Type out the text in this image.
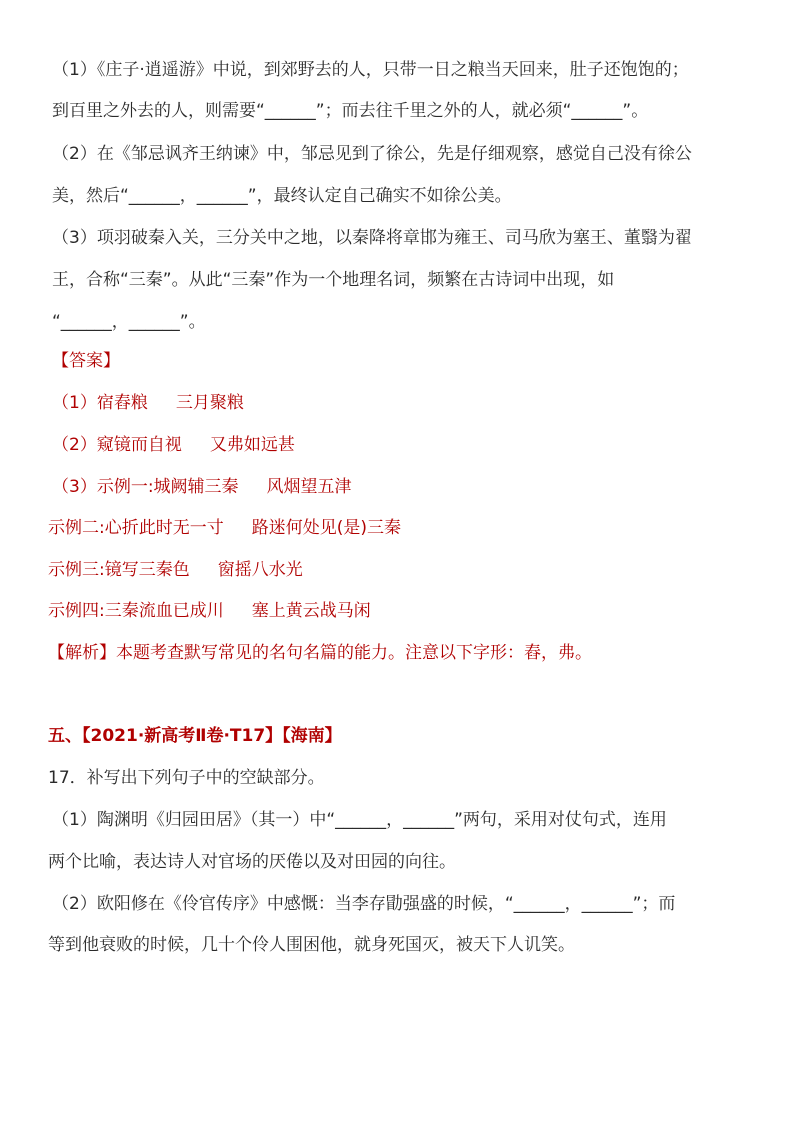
（1）《庄子·逍遥游》中说，到郊野去的人，只带一日之粮当天回来，肚子还饱饱的；
到百里之外去的人，则需要“______”；而去往千里之外的人，就必须“______”。
（2）在《邹忌讽齐王纳谏》中，邹忌见到了徐公，先是仔细观察，感觉自己没有徐公
美，然后“______，______”，最终认定自己确实不如徐公美。
（3）项羽破秦入关，三分关中之地，以秦降将章邯为雍王、司马欣为塞王、董翳为翟
王，合称“三秦”。从此“三秦”作为一个地理名词，频繁在古诗词中出现，如
“______，______”。
【答案】
（1）宿舂粮 三月聚粮
（2）窥镜而自视 又弗如远甚
（3）示例一:城阙辅三秦 风烟望五津
示例二:心折此时无一寸 路迷何处见(是)三秦
示例三:镜写三秦色 窗摇八水光
示例四:三秦流血已成川 塞上黄云战马闲
【解析】本题考查默写常见的名句名篇的能力。注意以下字形：舂，弗。
五、【2021·新高考Ⅱ卷·T17】【海南】
17．补写出下列句子中的空缺部分。
（1）陶渊明《归园田居》（其一）中“______，______”两句，采用对仗句式，连用
两个比喻，表达诗人对官场的厌倦以及对田园的向往。
（2）欧阳修在《伶官传序》中感慨：当李存勖强盛的时候，“______，______”；而
等到他衰败的时候，几十个伶人围困他，就身死国灭，被天下人讥笑。
